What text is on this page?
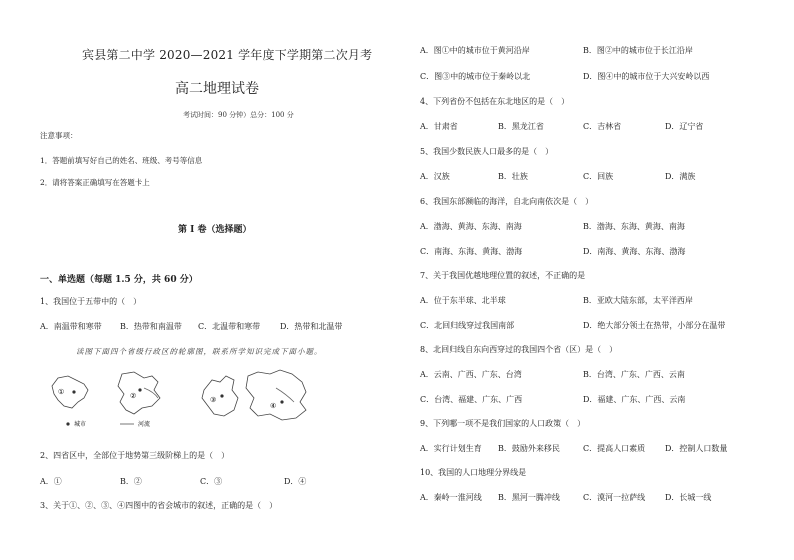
宾县第二中学 2020—2021 学年度下学期第二次月考
高二地理试卷
考试时间：90 分钟）总分：100 分
注意事项：
1．答题前填写好自己的姓名、班级、考号等信息
2．请将答案正确填写在答题卡上
第 I 卷（选择题）
一、单选题（每题 1.5 分，共 60 分）
1、我国位于五带中的（　）
A．南温带和寒带 B．热带和南温带 C．北温带和寒带 D．热带和北温带
读图下面四个省级行政区的轮廓图，联系所学知识完成下面小题。
①	②	③
④
城市	河流
2、四省区中，全部位于地势第三级阶梯上的是（　）
A．①	B．②	C．③	D．④
3、关于①、②、③、④四图中的省会城市的叙述，正确的是（　）
A．图①中的城市位于黄河沿岸	B．图②中的城市位于长江沿岸
C．图③中的城市位于秦岭以北	D．图④中的城市位于大兴安岭以西
4、下列省份不包括在东北地区的是（　）
A．甘肃省	B．黑龙江省	C．吉林省	D．辽宁省
5、我国少数民族人口最多的是（　）
A．汉族	B．壮族	C．回族	D．满族
6、我国东部濒临的海洋，自北向南依次是（　）
A．渤海、黄海、东海、南海	B．渤海、东海、黄海、南海
C．南海、东海、黄海、渤海	D．南海、黄海、东海、渤海
7、关于我国优越地理位置的叙述，不正确的是
A．位于东半球、北半球	B．亚欧大陆东部，太平洋西岸
C．北回归线穿过我国南部	D．绝大部分领土在热带，小部分在温带
8、北回归线自东向西穿过的我国四个省（区）是（　）
A．云南、广西、广东、台湾	B．台湾、广东、广西、云南
C．台湾、福建、广东、广西	D．福建、广东、广西、云南
9、下列哪一项不是我们国家的人口政策（　）
A．实行计划生育 B．鼓励外来移民	C．提高人口素质 D．控制人口数量
10、我国的人口地理分界线是
A．秦岭一淮河线 B．黑河一腾冲线	C．漠河一拉萨线 D．长城一线
